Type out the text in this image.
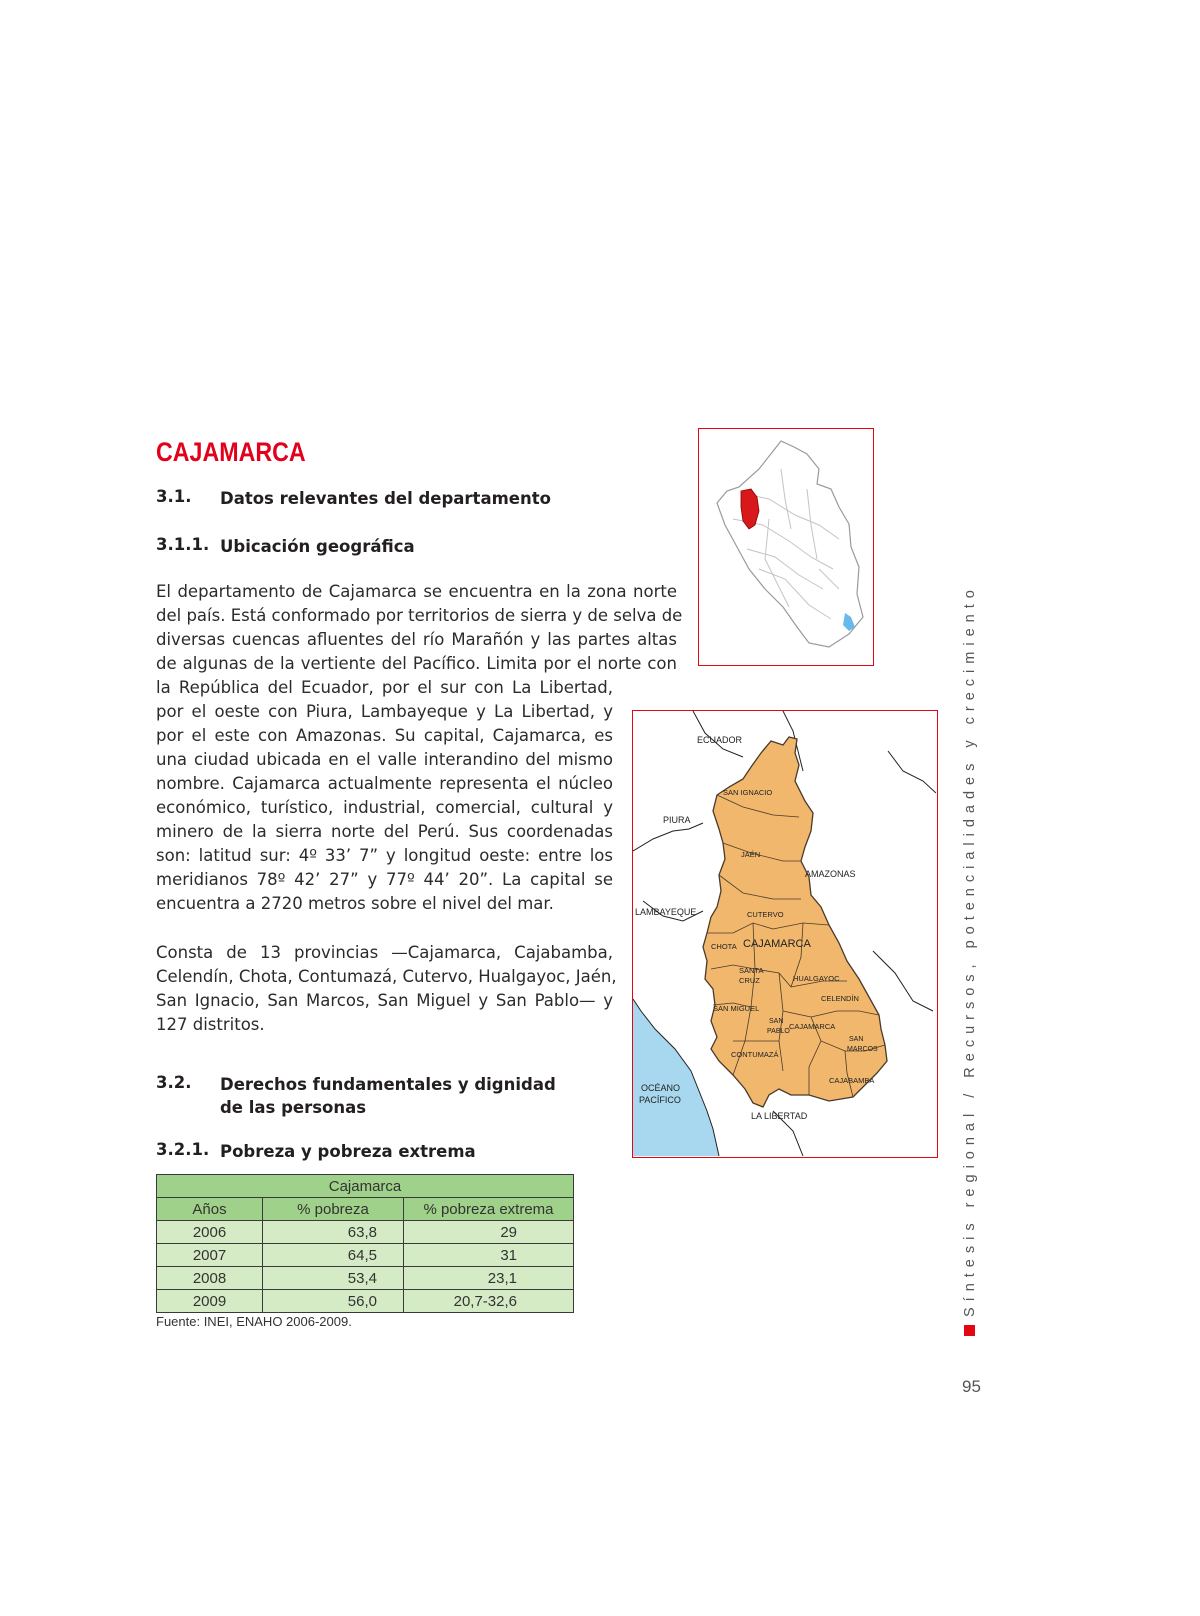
CAJAMARCA
3.1. Datos relevantes del departamento
3.1.1. Ubicación geográfica
El departamento de Cajamarca se encuentra en la zona norte
del país. Está conformado por territorios de sierra y de selva de
diversas cuencas afluentes del río Marañón y las partes altas
de algunas de la vertiente del Pacífico. Limita por el norte con
la República del Ecuador, por el sur con La Libertad,
por el oeste con Piura, Lambayeque y La Libertad, y
por el este con Amazonas. Su capital, Cajamarca, es
una ciudad ubicada en el valle interandino del mismo
nombre. Cajamarca actualmente representa el núcleo
económico, turístico, industrial, comercial, cultural y
minero de la sierra norte del Perú. Sus coordenadas
son: latitud sur: 4º 33’ 7” y longitud oeste: entre los
meridianos 78º 42’ 27” y 77º 44’ 20”. La capital se
encuentra a 2720 metros sobre el nivel del mar.
Consta de 13 provincias —Cajamarca, Cajabamba,
Celendín, Chota, Contumazá, Cutervo, Hualgayoc, Jaén,
San Ignacio, San Marcos, San Miguel y San Pablo— y
127 distritos.
3.2. Derechos fundamentales y dignidad
de las personas
3.2.1. Pobreza y pobreza extrema
ECUADOR
PIURA
AMAZONAS
LAMBAYEQUE
LA LIBERTAD
OCÉANO
PACÍFICO
SAN IGNACIO
JAÉN
CUTERVO
CHOTA CAJAMARCA
SANTA
CRUZ	HUALGAYOC
CELENDÍN
SAN MIGUEL
SAN
PABLO
CAJAMARCA
SAN
MARCOS
CONTUMAZÁ
CAJABAMBA
Cajamarca		
Años	% pobreza	% pobreza extrema
2006	63,8	29
2007	64,5	31
2008	53,4	23,1
2009	56,0	20,7-32,6
Fuente: INEI, ENAHO 2006-2009.
Síntesis regional / Recursos, potencialidades y crecimiento
95
